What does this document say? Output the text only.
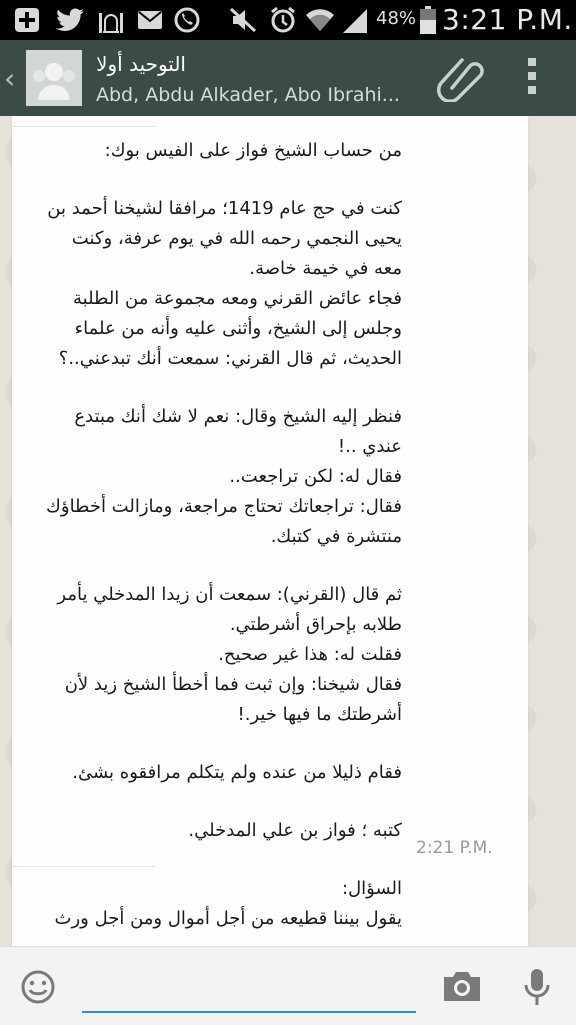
48% 3:21 P.M.
‹	التوحيد أولا
Abd, Abdu Alkader, Abo Ibrahi...
من حساب الشيخ فواز على الفيس بوك:
كنت في حج عام 1419؛ مرافقا لشيخنا أحمد بن
يحيى النجمي رحمه الله في يوم عرفة، وكنت
معه في خيمة خاصة.
فجاء عائض القرني ومعه مجموعة من الطلبة
وجلس إلى الشيخ، وأثنى عليه وأنه من علماء
الحديث، ثم قال القرني: سمعت أنك تبدعني..؟
فنظر إليه الشيخ وقال: نعم لا شك أنك مبتدع
عندي ..!
فقال له: لكن تراجعت..
فقال: تراجعاتك تحتاج مراجعة، ومازالت أخطاؤك
منتشرة في كتبك.
ثم قال (القرني): سمعت أن زيدا المدخلي يأمر
طلابه بإحراق أشرطتي.
فقلت له: هذا غير صحيح.
فقال شيخنا: وإن ثبت فما أخطأ الشيخ زيد لأن
أشرطتك ما فيها خير.!
فقام ذليلا من عنده ولم يتكلم مرافقوه بشئ.
كتبه ؛ فواز بن علي المدخلي.
2:21 P.M.
السؤال:
يقول بيننا قطيعه من أجل أموال ومن أجل ورث
